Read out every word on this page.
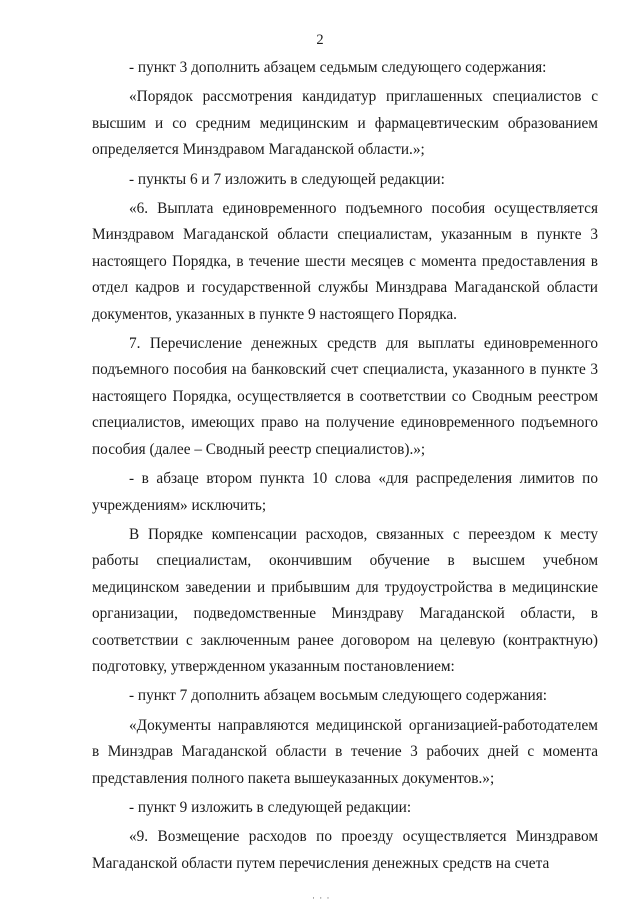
2

- пункт 3 дополнить абзацем седьмым следующего содержания:

«Порядок рассмотрения кандидатур приглашенных специалистов с высшим и со средним медицинским и фармацевтическим образованием определяется Минздравом Магаданской области.»;

- пункты 6 и 7 изложить в следующей редакции:

«6. Выплата единовременного подъемного пособия осуществляется Минздравом Магаданской области специалистам, указанным в пункте 3 настоящего Порядка, в течение шести месяцев с момента предоставления в отдел кадров и государственной службы Минздрава Магаданской области документов, указанных в пункте 9 настоящего Порядка.

7. Перечисление денежных средств для выплаты единовременного подъемного пособия на банковский счет специалиста, указанного в пункте 3 настоящего Порядка, осуществляется в соответствии со Сводным реестром специалистов, имеющих право на получение единовременного подъемного пособия (далее – Сводный реестр специалистов).»;

- в абзаце втором пункта 10 слова «для распределения лимитов по учреждениям» исключить;

В Порядке компенсации расходов, связанных с переездом к месту работы специалистам, окончившим обучение в высшем учебном медицинском заведении и прибывшим для трудоустройства в медицинские организации, подведомственные Минздраву Магаданской области, в соответствии с заключенным ранее договором на целевую (контрактную) подготовку, утвержденном указанным постановлением:

- пункт 7 дополнить абзацем восьмым следующего содержания:

«Документы направляются медицинской организацией-работодателем в Минздрав Магаданской области в течение 3 рабочих дней с момента представления полного пакета вышеуказанных документов.»;

- пункт 9 изложить в следующей редакции:

«9. Возмещение расходов по проезду осуществляется Минздравом Магаданской области путем перечисления денежных средств на счета

· · ·
